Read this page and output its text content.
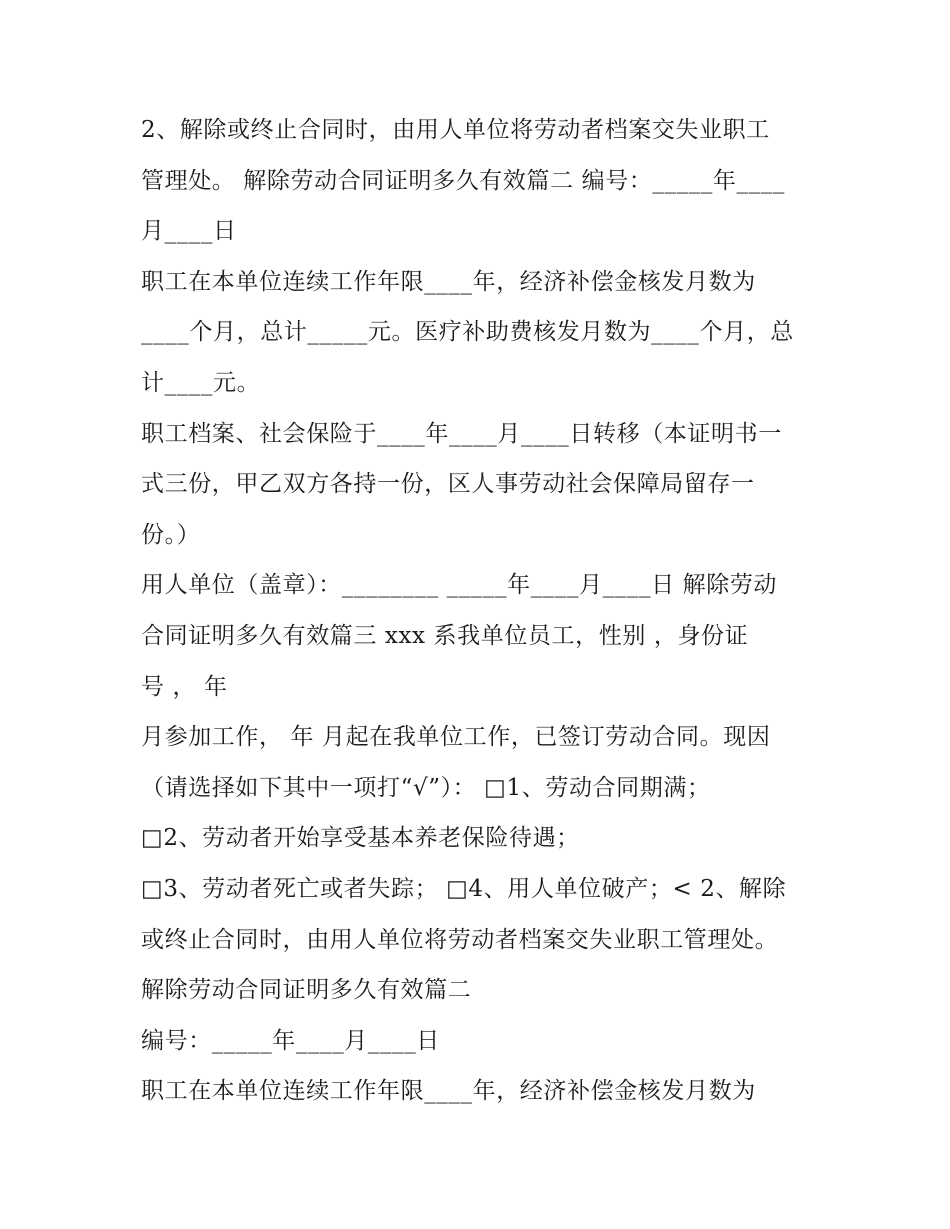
2、解除或终止合同时，由用人单位将劳动者档案交失业职工
管理处。 解除劳动合同证明多久有效篇二 编号：_____年____
月____日
职工在本单位连续工作年限____年，经济补偿金核发月数为
____个月，总计_____元。医疗补助费核发月数为____个月，总
计____元。
职工档案、社会保险于____年____月____日转移（本证明书一
式三份，甲乙双方各持一份，区人事劳动社会保障局留存一
份。）
用人单位（盖章）：________ _____年____月____日 解除劳动
合同证明多久有效篇三 xxx 系我单位员工，性别 ，身份证
号 ， 年
月参加工作， 年 月起在我单位工作，已签订劳动合同。现因
（请选择如下其中一项打“√”）： □1、劳动合同期满；
□2、劳动者开始享受基本养老保险待遇；
□3、劳动者死亡或者失踪； □4、用人单位破产；< 2、解除
或终止合同时，由用人单位将劳动者档案交失业职工管理处。
解除劳动合同证明多久有效篇二
编号：_____年____月____日
职工在本单位连续工作年限____年，经济补偿金核发月数为
